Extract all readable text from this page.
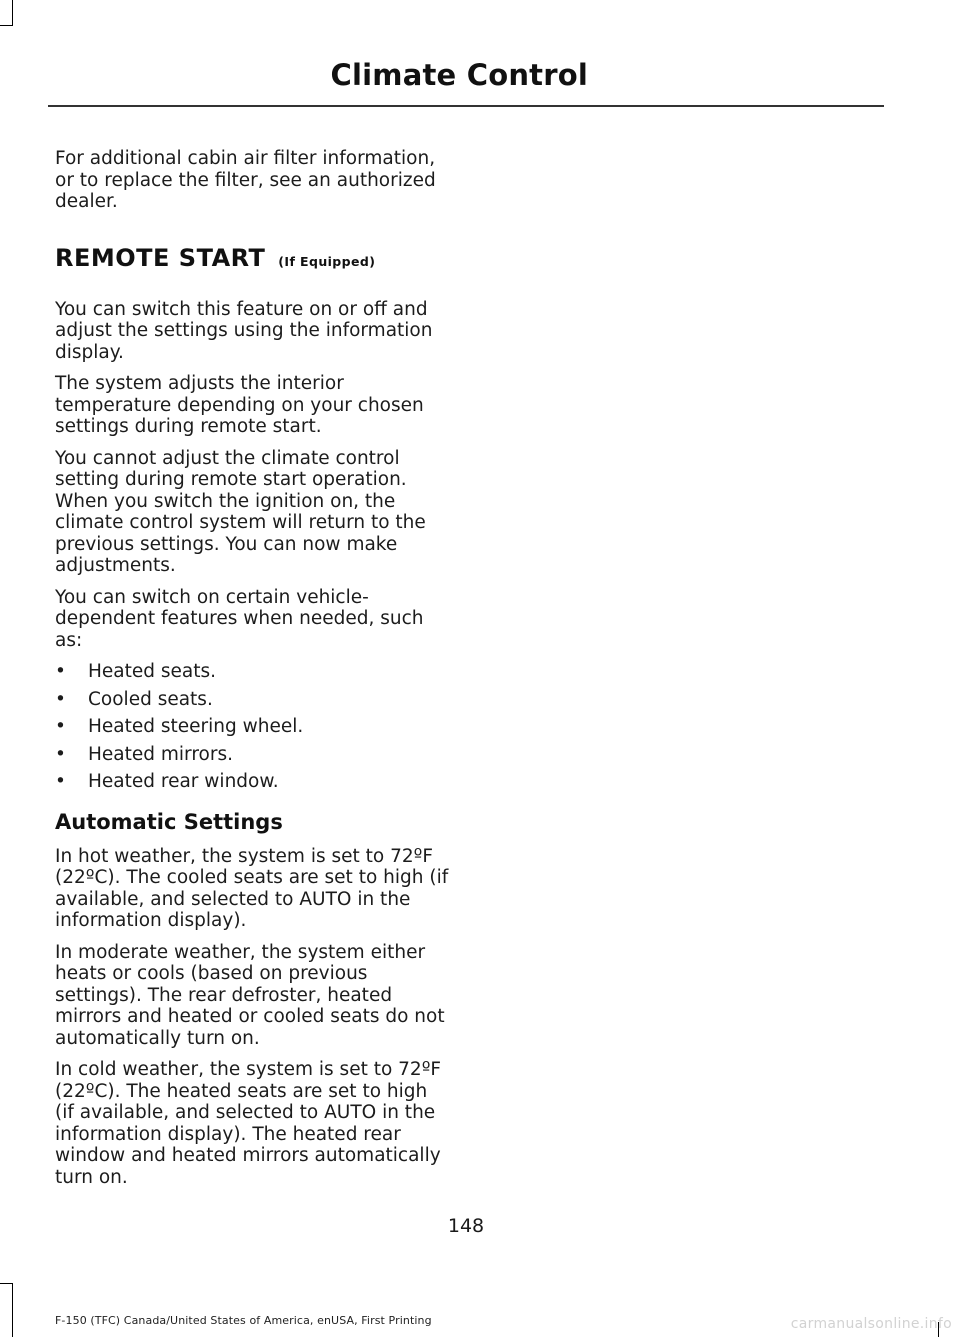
Climate Control

For additional cabin air filter information, or to replace the filter, see an authorized dealer.

REMOTE START (If Equipped)

You can switch this feature on or off and adjust the settings using the information display.

The system adjusts the interior temperature depending on your chosen settings during remote start.

You cannot adjust the climate control setting during remote start operation. When you switch the ignition on, the climate control system will return to the previous settings. You can now make adjustments.

You can switch on certain vehicle-dependent features when needed, such as:

• Heated seats.
• Cooled seats.
• Heated steering wheel.
• Heated mirrors.
• Heated rear window.

Automatic Settings

In hot weather, the system is set to 72ºF (22ºC). The cooled seats are set to high (if available, and selected to AUTO in the information display).

In moderate weather, the system either heats or cools (based on previous settings). The rear defroster, heated mirrors and heated or cooled seats do not automatically turn on.

In cold weather, the system is set to 72ºF (22ºC). The heated seats are set to high (if available, and selected to AUTO in the information display). The heated rear window and heated mirrors automatically turn on.

148
F-150 (TFC) Canada/United States of America, enUSA, First Printing	carmanualsonline.info
